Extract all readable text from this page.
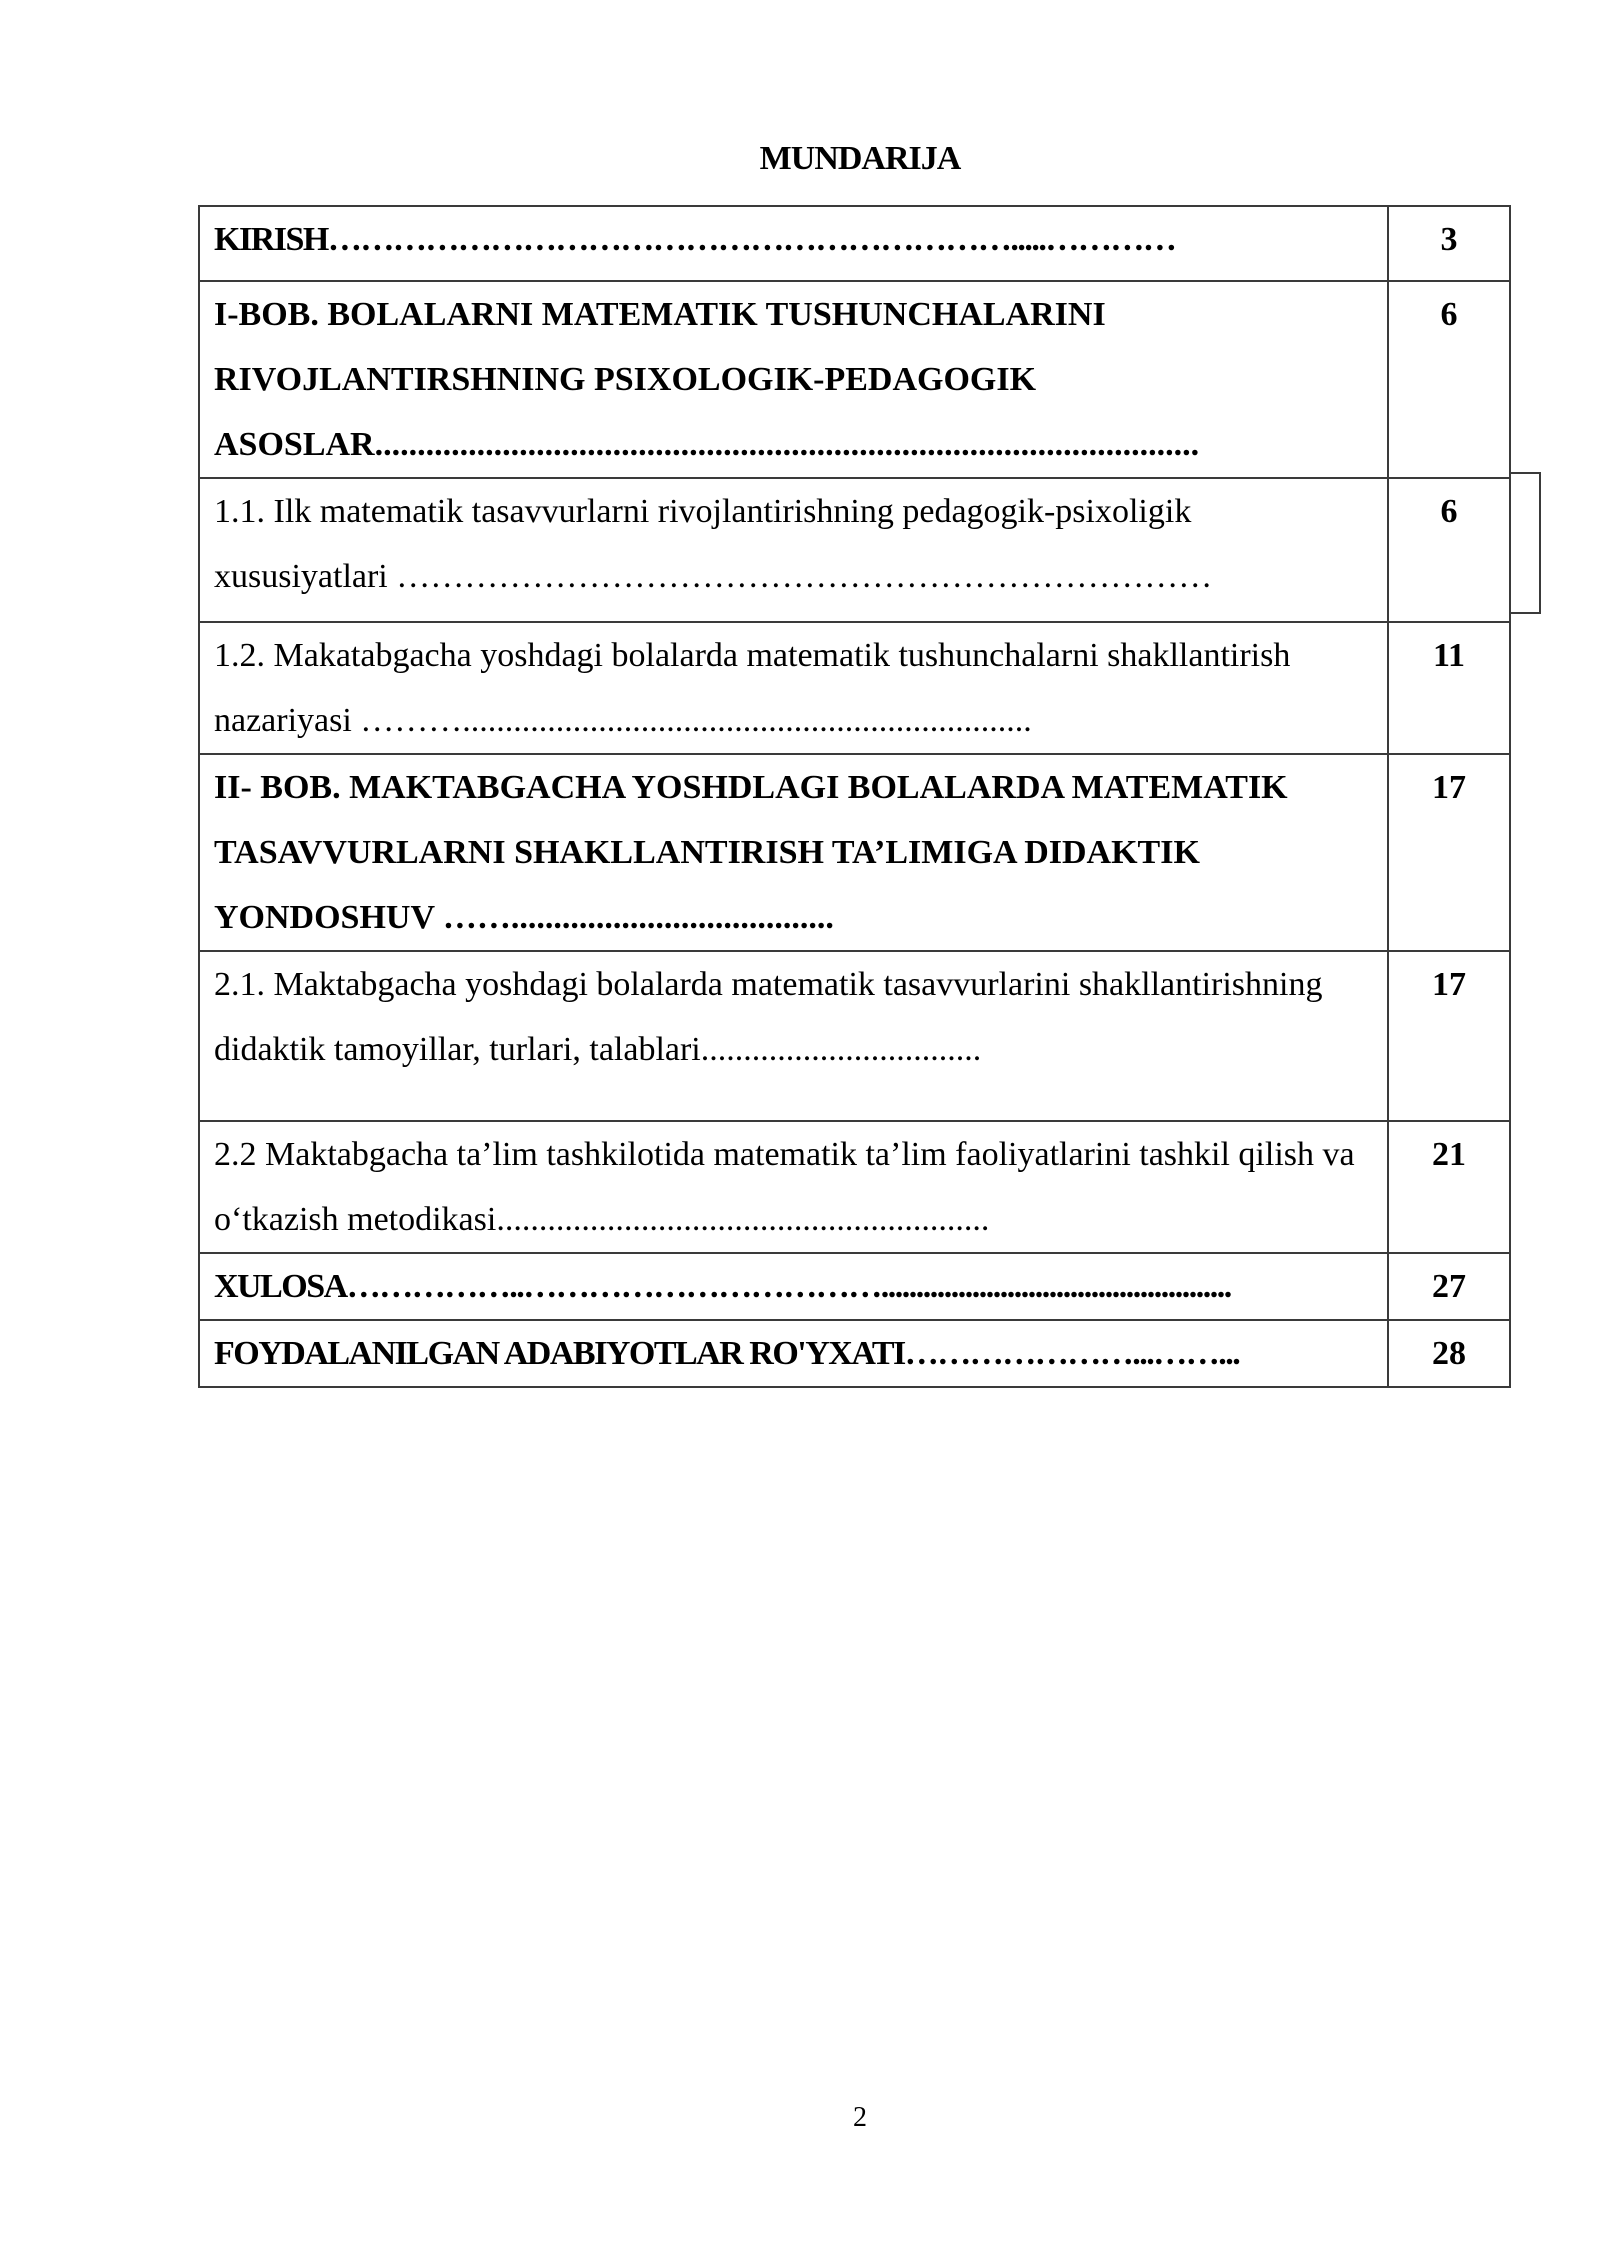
MUNDARIJA
KIRISH……………………………………………………….....…………	3
I-BOB. BOLALARNI MATEMATIK TUSHUNCHALARINI RIVOJLANTIRSHNING PSIXOLOGIK-PEDAGOGIK ASOSLAR.................................................................................................	6
1.1. Ilk matematik tasavvurlarni rivojlantirishning pedagogik-psixoligik xususiyatlari ………………………………………………………………	6
1.2. Makatabgacha yoshdagi bolalarda matematik tushunchalarni shakllantirish nazariyasi ………...................................................................	11
II- BOB. MAKTABGACHA YOSHDLAGI BOLALARDA MATEMATIK TASAVVURLARNI SHAKLLANTIRISH TA’LIMIGA DIDAKTIK YONDOSHUV ……......................................	17
2.1. Maktabgacha yoshdagi bolalarda matematik tasavvurlarini shakllantirishning didaktik tamoyillar, turlari, talablari.................................	17
2.2 Maktabgacha ta’lim tashkilotida matematik ta’lim faoliyatlarini tashkil qilish va o‘tkazish metodikasi..........................................................	21
XULOSA……………..……………………………..................................................	27
FOYDALANILGAN ADABIYOTLAR RO'YXATI…………………...……...	28
2
